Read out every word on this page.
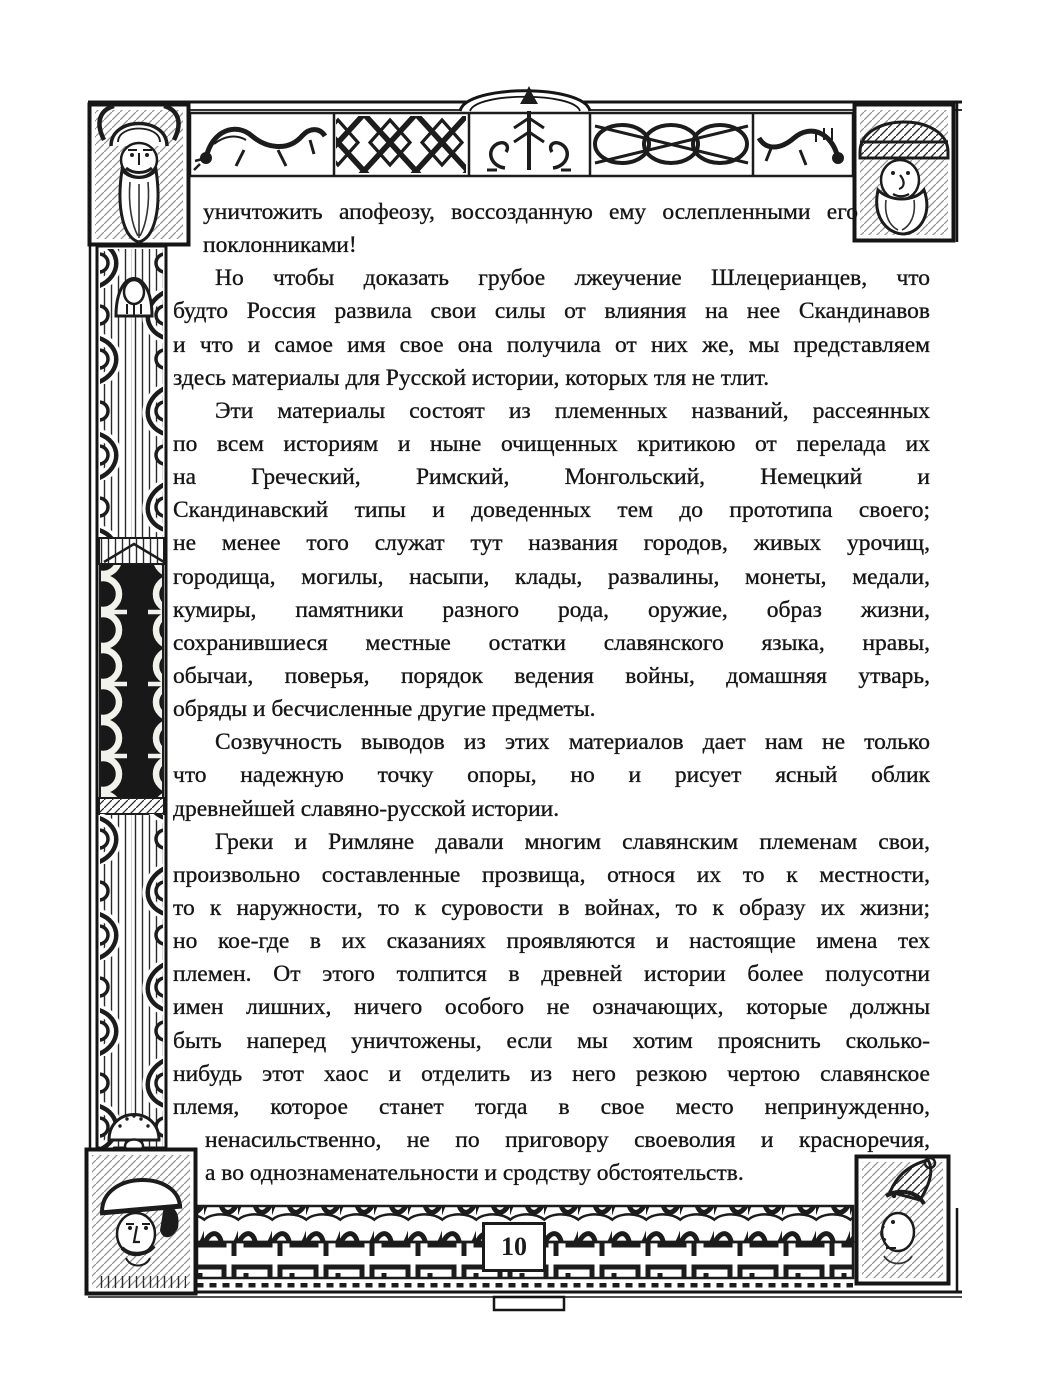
уничтожить апофеозу, воссозданную ему ослепленными его
поклонниками!
Но чтобы доказать грубое лжеучение Шлецерианцев, что
будто Россия развила свои силы от влияния на нее Скандинавов
и что и самое имя свое она получила от них же, мы представляем
здесь материалы для Русской истории, которых тля не тлит.
Эти материалы состоят из племенных названий, рассеянных
по всем историям и ныне очищенных критикою от перелада их
на Греческий, Римский, Монгольский, Немецкий и
Скандинавский типы и доведенных тем до прототипа своего;
не менее того служат тут названия городов, живых урочищ,
городища, могилы, насыпи, клады, развалины, монеты, медали,
кумиры, памятники разного рода, оружие, образ жизни,
сохранившиеся местные остатки славянского языка, нравы,
обычаи, поверья, порядок ведения войны, домашняя утварь,
обряды и бесчисленные другие предметы.
Созвучность выводов из этих материалов дает нам не только
что надежную точку опоры, но и рисует ясный облик
древнейшей славяно-русской истории.
Греки и Римляне давали многим славянским племенам свои,
произвольно составленные прозвища, относя их то к местности,
то к наружности, то к суровости в войнах, то к образу их жизни;
но кое-где в их сказаниях проявляются и настоящие имена тех
племен. От этого толпится в древней истории более полусотни
имен лишних, ничего особого не означающих, которые должны
быть наперед уничтожены, если мы хотим прояснить сколько-
нибудь этот хаос и отделить из него резкою чертою славянское
племя, которое станет тогда в свое место непринужденно,
ненасильственно, не по приговору своеволия и красноречия,
а во однознаменательности и сродству обстоятельств.
10
